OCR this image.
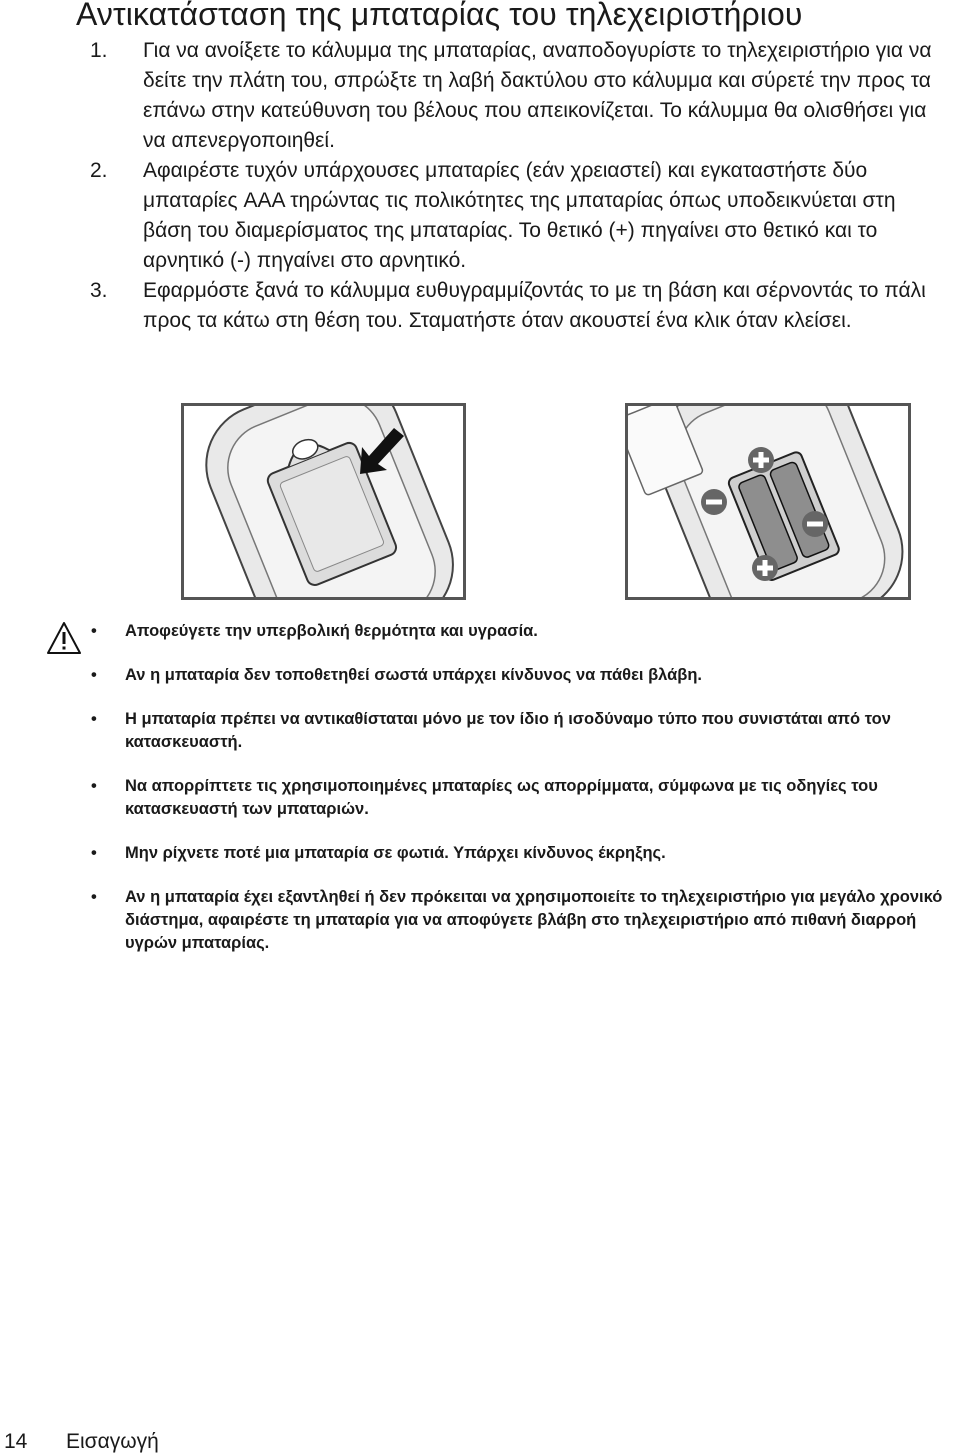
Αντικατάσταση της μπαταρίας του τηλεχειριστήριου
1. Για να ανοίξετε το κάλυμμα της μπαταρίας, αναποδογυρίστε το τηλεχειριστήριο για να δείτε την πλάτη του, σπρώξτε τη λαβή δακτύλου στο κάλυμμα και σύρετέ την προς τα επάνω στην κατεύθυνση του βέλους που απεικονίζεται. Το κάλυμμα θα ολισθήσει για να απενεργοποιηθεί.
2. Αφαιρέστε τυχόν υπάρχουσες μπαταρίες (εάν χρειαστεί) και εγκαταστήστε δύο μπαταρίες AAA τηρώντας τις πολικότητες της μπαταρίας όπως υποδεικνύεται στη βάση του διαμερίσματος της μπαταρίας. Το θετικό (+) πηγαίνει στο θετικό και το αρνητικό (-) πηγαίνει στο αρνητικό.
3. Εφαρμόστε ξανά το κάλυμμα ευθυγραμμίζοντάς το με τη βάση και σέρνοντάς το πάλι προς τα κάτω στη θέση του. Σταματήστε όταν ακουστεί ένα κλικ όταν κλείσει.
• Αποφεύγετε την υπερβολική θερμότητα και υγρασία.
• Αν η μπαταρία δεν τοποθετηθεί σωστά υπάρχει κίνδυνος να πάθει βλάβη.
• Η μπαταρία πρέπει να αντικαθίσταται μόνο με τον ίδιο ή ισοδύναμο τύπο που συνιστάται από τον κατασκευαστή.
• Να απορρίπτετε τις χρησιμοποιημένες μπαταρίες ως απορρίμματα, σύμφωνα με τις οδηγίες του κατασκευαστή των μπαταριών.
• Μην ρίχνετε ποτέ μια μπαταρία σε φωτιά. Υπάρχει κίνδυνος έκρηξης.
• Αν η μπαταρία έχει εξαντληθεί ή δεν πρόκειται να χρησιμοποιείτε το τηλεχειριστήριο για μεγάλο χρονικό διάστημα, αφαιρέστε τη μπαταρία για να αποφύγετε βλάβη στο τηλεχειριστήριο από πιθανή διαρροή υγρών μπαταρίας.
14 Εισαγωγή
